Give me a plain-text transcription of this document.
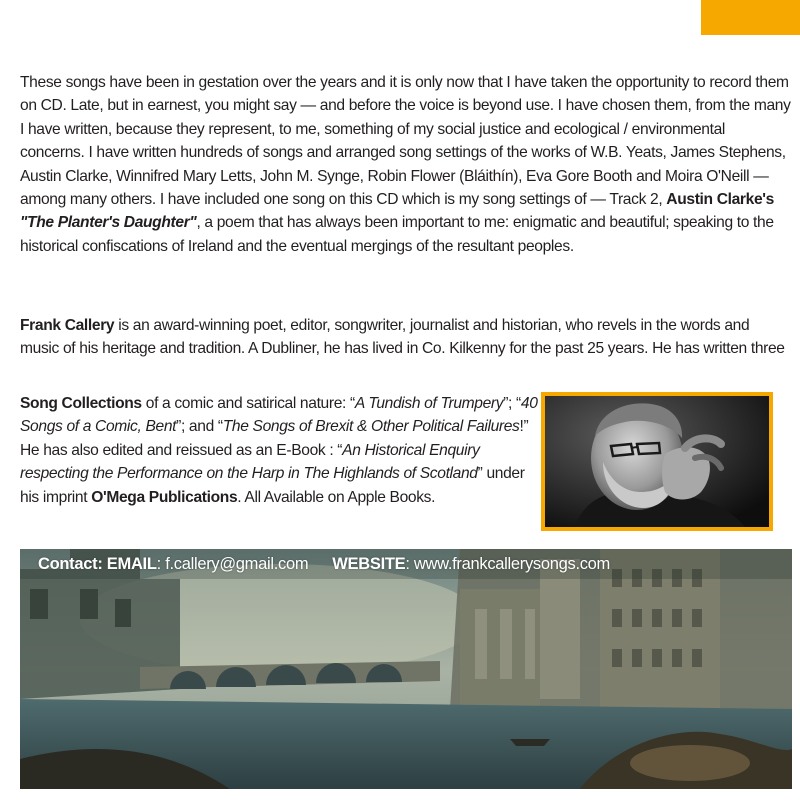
These songs have been in gestation over the years and it is only now that I have taken the opportunity to record them on CD. Late, but in earnest, you might say — and before the voice is beyond use. I have chosen them, from the many I have written, because they represent, to me, something of my social justice and ecological / environmental concerns. I have written hundreds of songs and arranged song settings of the works of W.B. Yeats, James Stephens, Austin Clarke, Winnifred Mary Letts, John M. Synge, Robin Flower (Bláithín), Eva Gore Booth and Moira O'Neill — among many others. I have included one song on this CD which is my song settings of — Track 2, Austin Clarke's "The Planter's Daughter", a poem that has always been important to me: enigmatic and beautiful; speaking to the historical confiscations of Ireland and the eventual mergings of the resultant peoples.

Frank Callery is an award-winning poet, editor, songwriter, journalist and historian, who revels in the words and music of his heritage and tradition. A Dubliner, he has lived in Co. Kilkenny for the past 25 years. He has written three

Song Collections of a comic and satirical nature: “A Tundish of Trumpery”; “40 Songs of a Comic, Bent”; and “The Songs of Brexit & Other Political Failures!” He has also edited and reissued as an E-Book : “An Historical Enquiry respecting the Performance on the Harp in The Highlands of Scotland” under his imprint O'Mega Publications. All Available on Apple Books.

Contact: EMAIL: f.callery@gmail.com WEBSITE: www.frankcallerysongs.com
